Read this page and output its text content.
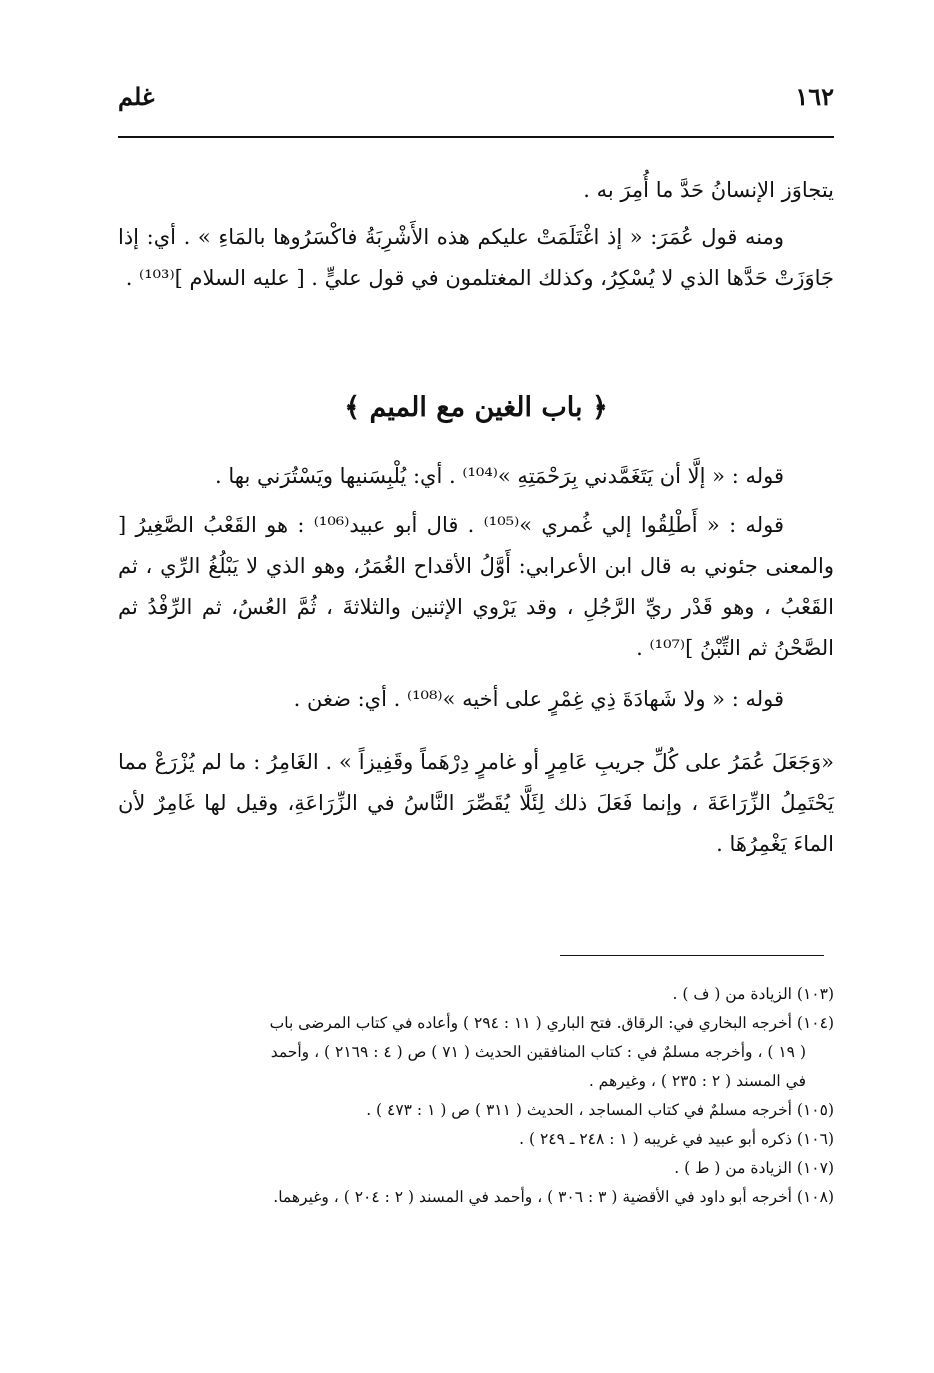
١٦٢
غلم

يتجاوَز الإنسانُ حَدَّ ما أُمِرَ به .

ومنه قول عُمَرَ: « إذ اغْتَلَمَتْ عليكم هذه الأَشْرِبَةُ فاكْسَرُوها بالمَاءِ » . أي: إذا جَاوَزَتْ حَدَّها الذي لا يُسْكِرُ، وكذلك المغتلمون في قول عليٍّ . [ عليه السلام ]⁽¹⁰³⁾ .

﴿ باب الغين مع الميم ﴾

قوله : « إلَّا أن يَتَغَمَّدني بِرَحْمَتِهِ »⁽¹⁰⁴⁾ . أي: يُلْبِسَنيها ويَسْتُرَني بها .

قوله : « أَطْلِقُوا إلي غُمري »⁽¹⁰⁵⁾ . قال أبو عبيد⁽¹⁰⁶⁾ : هو القَعْبُ الصَّغِيرُ [ والمعنى جئوني به قال ابن الأعرابي: أَوَّلُ الأقداح الغُمَرُ، وهو الذي لا يَبْلُغُ الرِّي ، ثم القَعْبُ ، وهو قَدْر ريِّ الرَّجُلِ ، وقد يَرْوي الإثنين والثلاثةَ ، ثُمَّ العُسُ، ثم الرِّفْدُ ثم الصَّحْنُ ثم التِّبْنُ ]⁽¹⁰⁷⁾ .

قوله : « ولا شَهادَةَ ذِي غِمْرٍ على أخيه »⁽¹⁰⁸⁾ . أي: ضغن .

«وَجَعَلَ عُمَرُ على كُلِّ جريبِ عَامِرٍ أو غامرٍ دِرْهَماً وقَفِيزاً » . الغَامِرُ : ما لم يُزْرَعْ مما يَحْتَمِلُ الزِّرَاعَةَ ، وإنما فَعَلَ ذلك لِئَلَّا يُقَصِّرَ النَّاسُ في الزِّرَاعَةِ، وقيل لها غَامِرٌ لأن الماءَ يَغْمِرُهَا .

(١٠٣) الزيادة من ( ف ) .

(١٠٤) أخرجه البخاري في: الرقاق. فتح الباري ( ١١ : ٢٩٤ ) وأعاده في كتاب المرضى باب

( ١٩ ) ، وأخرجه مسلمٌ في : كتاب المنافقين الحديث ( ٧١ ) ص ( ٤ : ٢١٦٩ ) ، وأحمد

في المسند ( ٢ : ٢٣٥ ) ، وغيرهم .

(١٠٥) أخرجه مسلمٌ في كتاب المساجد ، الحديث ( ٣١١ ) ص ( ١ : ٤٧٣ ) .

(١٠٦) ذكره أبو عبيد في غريبه ( ١ : ٢٤٨ ـ ٢٤٩ ) .

(١٠٧) الزيادة من ( ط ) .

(١٠٨) أخرجه أبو داود في الأقضية ( ٣ : ٣٠٦ ) ، وأحمد في المسند ( ٢ : ٢٠٤ ) ، وغيرهما.
